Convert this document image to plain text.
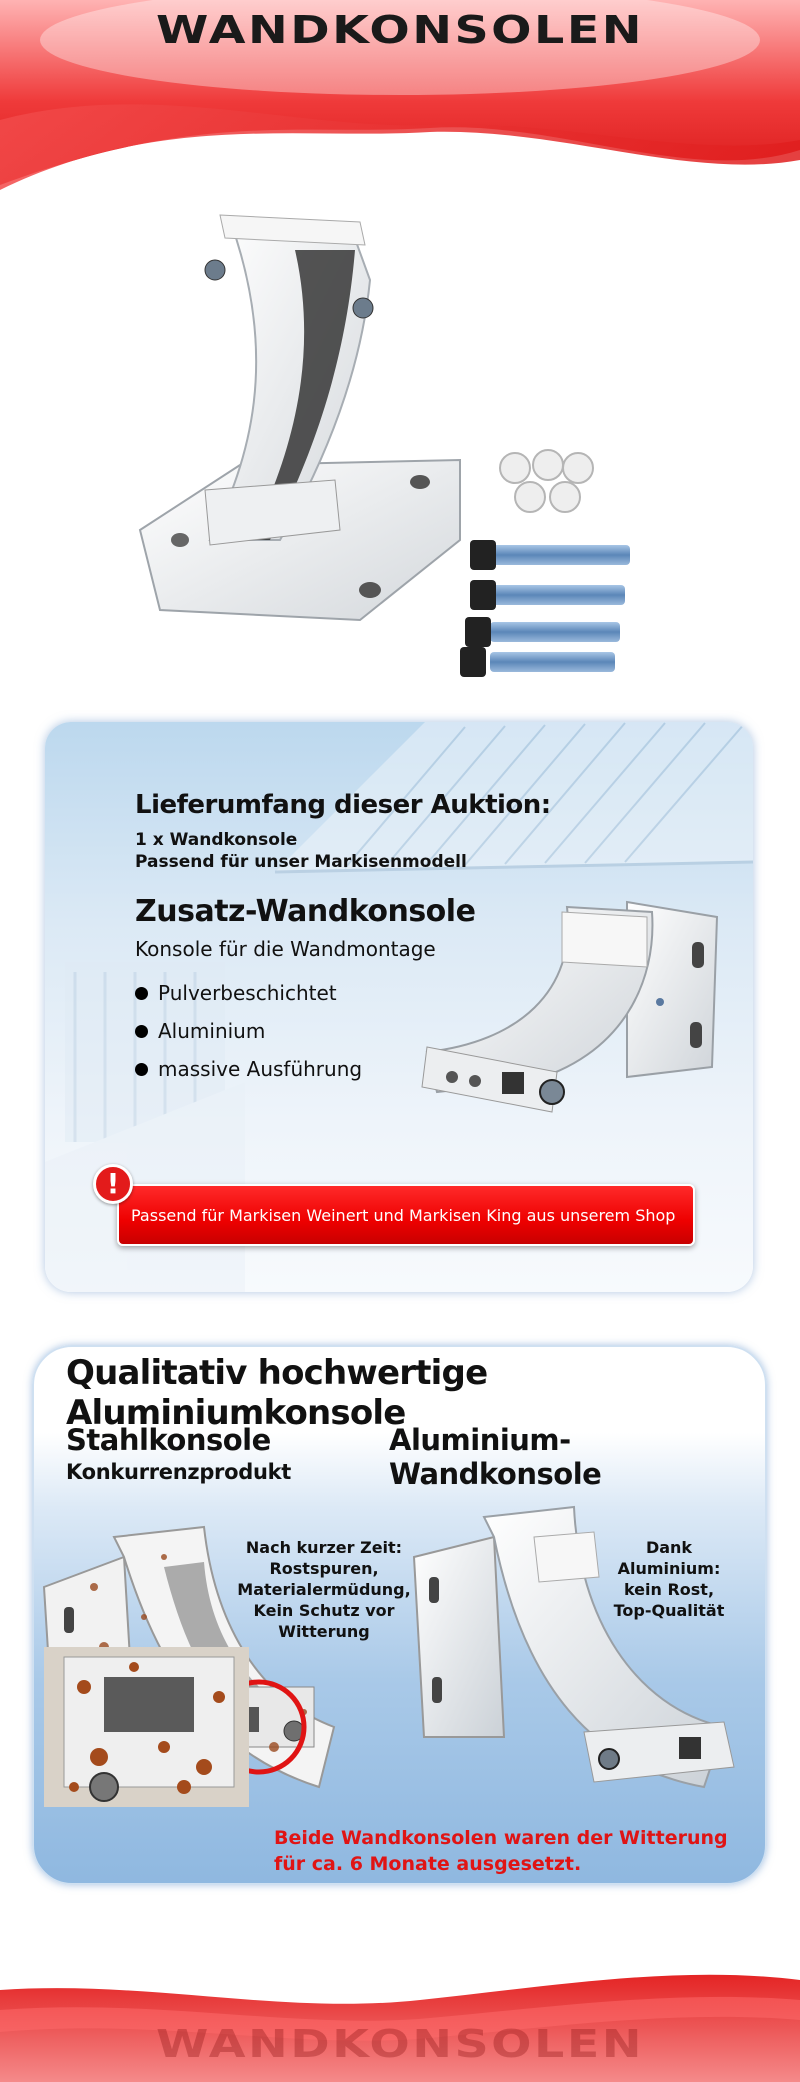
WANDKONSOLEN
Lieferumfang dieser Auktion:
1 x Wandkonsole
Passend für unser Markisenmodell
Zusatz-Wandkonsole
Konsole für die Wandmontage
Pulverbeschichtet
Aluminium
massive Ausführung
Passend für Markisen Weinert und Markisen King aus unserem Shop
!
Qualitativ hochwertige Aluminiumkonsole
Stahlkonsole
Konkurrenzprodukt
Aluminium-Wandkonsole
Nach kurzer Zeit:
Rostspuren,
Materialermüdung,
Kein Schutz vor
Witterung
Dank Aluminium:
kein Rost,
Top-Qualität
Beide Wandkonsolen waren der Witterung
für ca. 6 Monate ausgesetzt.
WANDKONSOLEN
